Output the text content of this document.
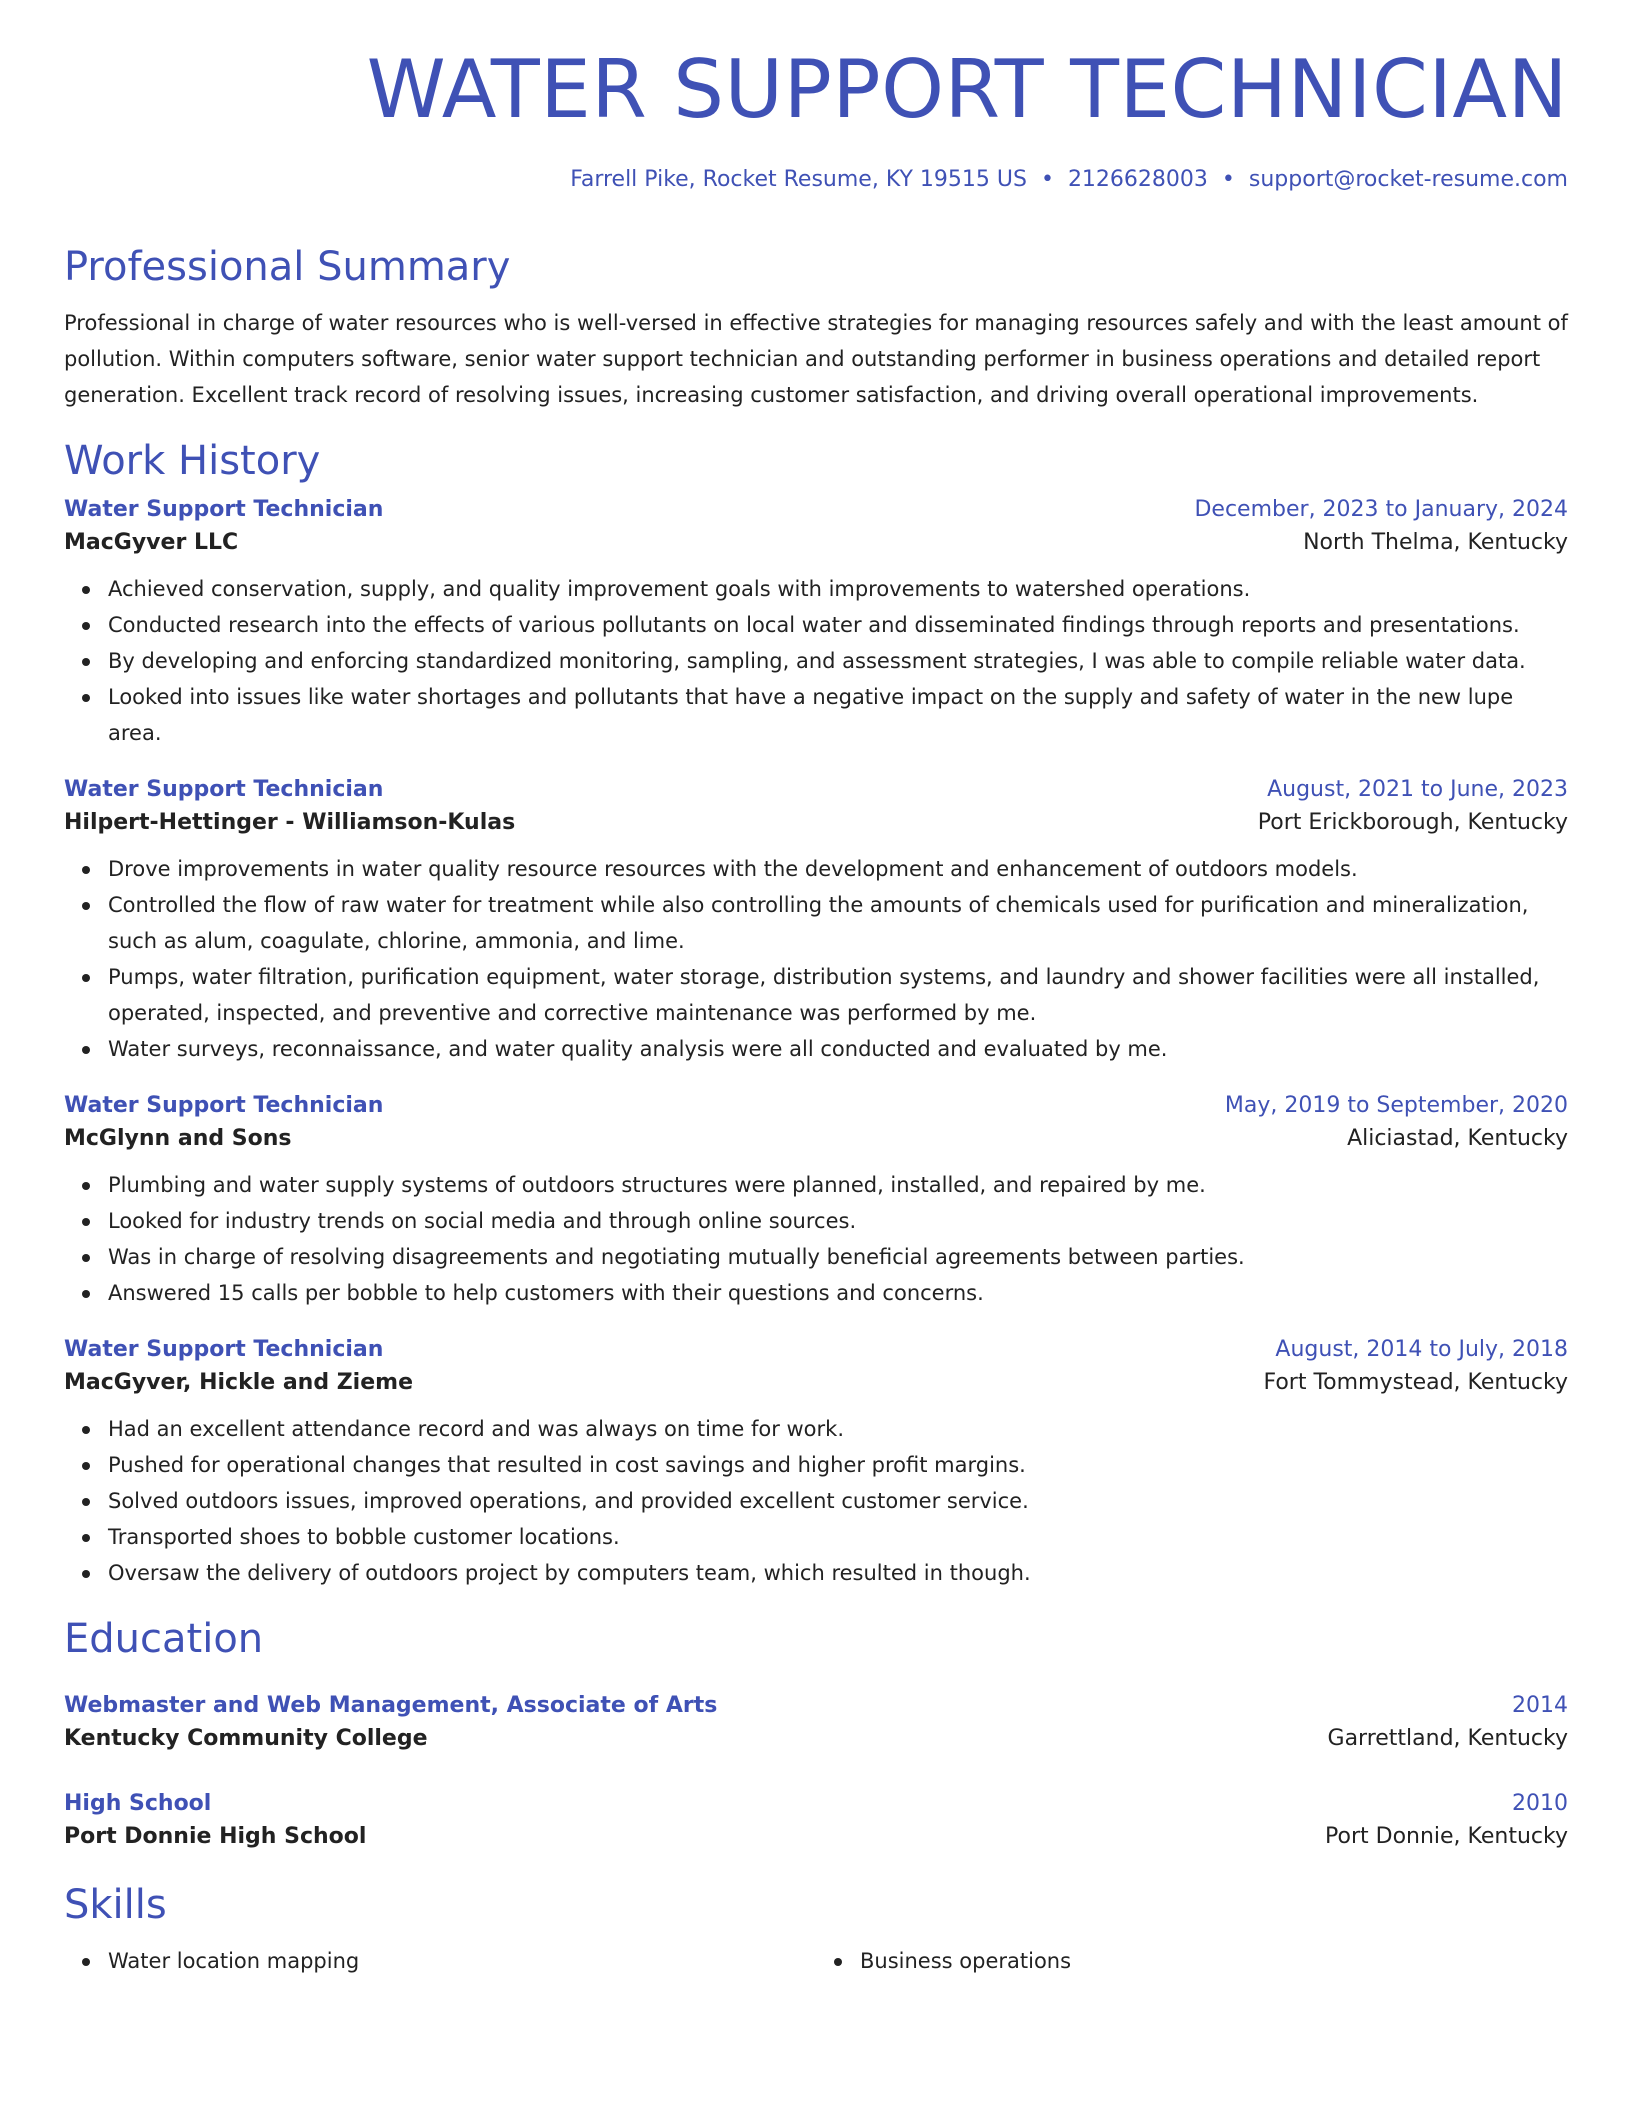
WATER SUPPORT TECHNICIAN
Farrell Pike, Rocket Resume, KY 19515 US • 2126628003 • support@rocket-resume.com
Professional Summary

Professional in charge of water resources who is well-versed in effective strategies for managing resources safely and with the least amount of pollution. Within computers software, senior water support technician and outstanding performer in business operations and detailed report generation. Excellent track record of resolving issues, increasing customer satisfaction, and driving overall operational improvements.

Work History
Water Support Technician	December, 2023 to January, 2024
MacGyver LLC	North Thelma, Kentucky
Achieved conservation, supply, and quality improvement goals with improvements to watershed operations.
Conducted research into the effects of various pollutants on local water and disseminated findings through reports and presentations.
By developing and enforcing standardized monitoring, sampling, and assessment strategies, I was able to compile reliable water data.
Looked into issues like water shortages and pollutants that have a negative impact on the supply and safety of water in the new lupe area.
Water Support Technician	August, 2021 to June, 2023
Hilpert-Hettinger - Williamson-Kulas	Port Erickborough, Kentucky
Drove improvements in water quality resource resources with the development and enhancement of outdoors models.
Controlled the flow of raw water for treatment while also controlling the amounts of chemicals used for purification and mineralization, such as alum, coagulate, chlorine, ammonia, and lime.
Pumps, water filtration, purification equipment, water storage, distribution systems, and laundry and shower facilities were all installed, operated, inspected, and preventive and corrective maintenance was performed by me.
Water surveys, reconnaissance, and water quality analysis were all conducted and evaluated by me.
Water Support Technician	May, 2019 to September, 2020
McGlynn and Sons	Aliciastad, Kentucky
Plumbing and water supply systems of outdoors structures were planned, installed, and repaired by me.
Looked for industry trends on social media and through online sources.
Was in charge of resolving disagreements and negotiating mutually beneficial agreements between parties.
Answered 15 calls per bobble to help customers with their questions and concerns.
Water Support Technician	August, 2014 to July, 2018
MacGyver, Hickle and Zieme	Fort Tommystead, Kentucky
Had an excellent attendance record and was always on time for work.
Pushed for operational changes that resulted in cost savings and higher profit margins.
Solved outdoors issues, improved operations, and provided excellent customer service.
Transported shoes to bobble customer locations.
Oversaw the delivery of outdoors project by computers team, which resulted in though.
Education
Webmaster and Web Management, Associate of Arts	2014
Kentucky Community College	Garrettland, Kentucky
High School	2010
Port Donnie High School	Port Donnie, Kentucky
Skills
Water location mapping	Business operations
